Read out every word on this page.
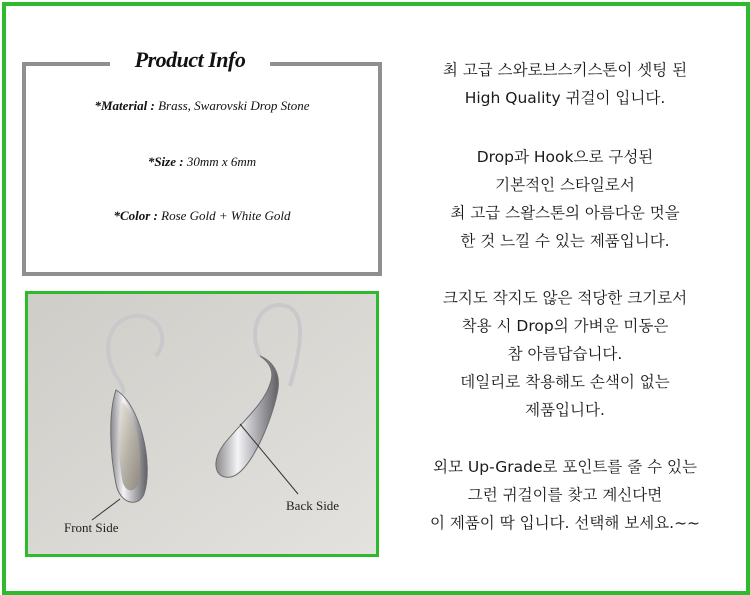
Product Info
*Material : Brass, Swarovski Drop Stone
*Size : 30mm x 6mm
*Color : Rose Gold + White Gold
Front Side
Back Side
최 고급 스와로브스키스톤이 셋팅 된
High Quality 귀걸이 입니다.
Drop과 Hook으로 구성된
기본적인 스타일로서
최 고급 스왈스톤의 아름다운 멋을
한 것 느낄 수 있는 제품입니다.
크지도 작지도 않은 적당한 크기로서
착용 시 Drop의 가벼운 미동은
참 아름답습니다.
데일리로 착용해도 손색이 없는
제품입니다.
외모 Up-Grade로 포인트를 줄 수 있는
그런 귀걸이를 찾고 계신다면
이 제품이 딱 입니다. 선택해 보세요.~~
